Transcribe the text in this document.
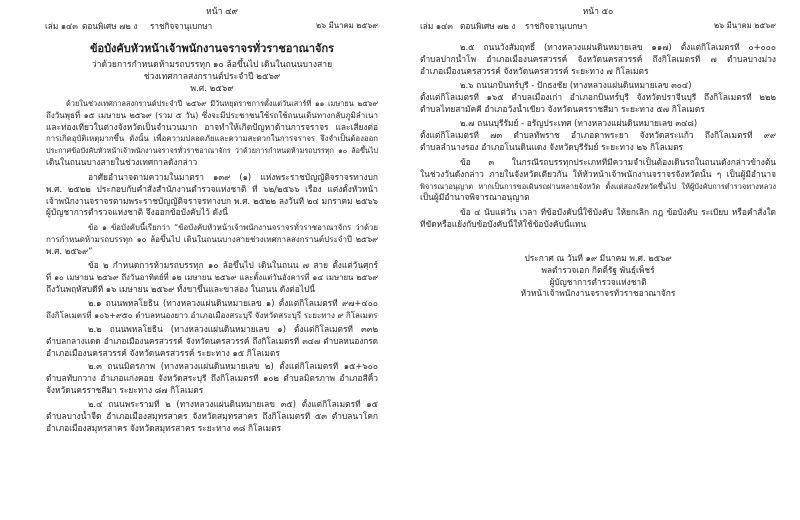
หน้า ๔๙
เล่ม ๑๔๓ ตอนพิเศษ ๗๒ ง ราชกิจจานุเบกษา	๒๖ มีนาคม ๒๕๖๙
ข้อบังคับหัวหน้าเจ้าพนักงานจราจรทั่วราชอาณาจักร
ว่าด้วยการกำหนดห้ามรถบรรทุก ๑๐ ล้อขึ้นไป เดินในถนนบางสาย
ช่วงเทศกาลสงกรานต์ประจำปี ๒๕๖๙
พ.ศ. ๒๕๖๙
ด้วยในช่วงเทศกาลสงกรานต์ประจำปี ๒๕๖๙ มีวันหยุดราชการตั้งแต่วันเสาร์ที่ ๑๑ เมษายน ๒๕๖๙
ถึงวันพุธที่ ๑๕ เมษายน ๒๕๖๙ (รวม ๕ วัน) ซึ่งจะมีประชาชนใช้รถใช้ถนนเดินทางกลับภูมิลำเนา
และท่องเที่ยวในต่างจังหวัดเป็นจำนวนมาก อาจทำให้เกิดปัญหาด้านการจราจร และเสี่ยงต่อ
การเกิดอุบัติเหตุมากขึ้น ดังนั้น เพื่อความปลอดภัยและความสะดวกในการจราจร จึงจำเป็นต้องออก
ประกาศข้อบังคับหัวหน้าเจ้าพนักงานจราจรทั่วราชอาณาจักร ว่าด้วยการกำหนดห้ามรถบรรทุก ๑๐ ล้อขึ้นไป
เดินในถนนบางสายในช่วงเทศกาลดังกล่าว
อาศัยอำนาจตามความในมาตรา ๑๓๙ (๑) แห่งพระราชบัญญัติจราจรทางบก
พ.ศ. ๒๕๒๒ ประกอบกับคำสั่งสำนักงานตำรวจแห่งชาติ ที่ ๖๒/๒๕๖๖ เรื่อง แต่งตั้งหัวหน้า
เจ้าพนักงานจราจรตามพระราชบัญญัติจราจรทางบก พ.ศ. ๒๕๒๒ ลงวันที่ ๒๔ มกราคม ๒๕๖๖
ผู้บัญชาการตำรวจแห่งชาติ จึงออกข้อบังคับไว้ ดังนี้
ข้อ ๑ ข้อบังคับนี้เรียกว่า “ข้อบังคับหัวหน้าเจ้าพนักงานจราจรทั่วราชอาณาจักร ว่าด้วย
การกำหนดห้ามรถบรรทุก ๑๐ ล้อขึ้นไป เดินในถนนบางสายช่วงเทศกาลสงกรานต์ประจำปี ๒๕๖๙
พ.ศ. ๒๕๖๙”
ข้อ ๒ กำหนดการห้ามรถบรรทุก ๑๐ ล้อขึ้นไป เดินในถนน ๗ สาย ตั้งแต่วันศุกร์
ที่ ๑๐ เมษายน ๒๕๖๙ ถึงวันอาทิตย์ที่ ๑๒ เมษายน ๒๕๖๙ และตั้งแต่วันอังคารที่ ๑๔ เมษายน ๒๕๖๙
ถึงวันพฤหัสบดีที่ ๑๖ เมษายน ๒๕๖๙ ทั้งขาขึ้นและขาล่อง ในถนน ดังต่อไปนี้
๒.๑ ถนนพหลโยธิน (ทางหลวงแผ่นดินหมายเลข ๑) ตั้งแต่กิโลเมตรที่ ๙๗+๔๐๐
ถึงกิโลเมตรที่ ๑๐๖+๙๕๐ ตำบลหนองยาว อำเภอเมืองสระบุรี จังหวัดสระบุรี ระยะทาง ๙ กิโลเมตร
๒.๒ ถนนพหลโยธิน (ทางหลวงแผ่นดินหมายเลข ๑) ตั้งแต่กิโลเมตรที่ ๓๓๒
ตำบลกลางแดด อำเภอเมืองนครสวรรค์ จังหวัดนครสวรรค์ ถึงกิโลเมตรที่ ๓๔๗ ตำบลหนองกรด
อำเภอเมืองนครสวรรค์ จังหวัดนครสวรรค์ ระยะทาง ๑๕ กิโลเมตร
๒.๓ ถนนมิตรภาพ (ทางหลวงแผ่นดินหมายเลข ๒) ตั้งแต่กิโลเมตรที่ ๑๕+๖๐๐
ตำบลทับกวาง อำเภอแก่งคอย จังหวัดสระบุรี ถึงกิโลเมตรที่ ๑๐๒ ตำบลมิตรภาพ อำเภอสีคิ้ว
จังหวัดนครราชสีมา ระยะทาง ๘๗ กิโลเมตร
๒.๔ ถนนพระรามที่ ๒ (ทางหลวงแผ่นดินหมายเลข ๓๕) ตั้งแต่กิโลเมตรที่ ๑๕
ตำบลบางน้ำจืด อำเภอเมืองสมุทรสาคร จังหวัดสมุทรสาคร ถึงกิโลเมตรที่ ๕๓ ตำบลนาโคก
อำเภอเมืองสมุทรสาคร จังหวัดสมุทรสาคร ระยะทาง ๓๘ กิโลเมตร
หน้า ๕๐
เล่ม ๑๔๓ ตอนพิเศษ ๗๒ ง ราชกิจจานุเบกษา	๒๖ มีนาคม ๒๕๖๙
๒.๕ ถนนวังสัมฤทธิ์ (ทางหลวงแผ่นดินหมายเลข ๑๑๗) ตั้งแต่กิโลเมตรที่ ๐+๐๐๐
ตำบลปากน้ำโพ อำเภอเมืองนครสวรรค์ จังหวัดนครสวรรค์ ถึงกิโลเมตรที่ ๗ ตำบลบางม่วง
อำเภอเมืองนครสวรรค์ จังหวัดนครสวรรค์ ระยะทาง ๗ กิโลเมตร
๒.๖ ถนนกบินทร์บุรี - ปักธงชัย (ทางหลวงแผ่นดินหมายเลข ๓๐๔)
ตั้งแต่กิโลเมตรที่ ๑๖๕ ตำบลเมืองเก่า อำเภอกบินทร์บุรี จังหวัดปราจีนบุรี ถึงกิโลเมตรที่ ๒๒๒
ตำบลไทยสามัคคี อำเภอวังน้ำเขียว จังหวัดนครราชสีมา ระยะทาง ๕๗ กิโลเมตร
๒.๗ ถนนบุรีรัมย์ - อรัญประเทศ (ทางหลวงแผ่นดินหมายเลข ๓๔๘)
ตั้งแต่กิโลเมตรที่ ๗๓ ตำบลทัพราช อำเภอตาพระยา จังหวัดสระแก้ว ถึงกิโลเมตรที่ ๙๙
ตำบลลำนางรอง อำเภอโนนดินแดง จังหวัดบุรีรัมย์ ระยะทาง ๒๖ กิโลเมตร
ข้อ ๓ ในกรณีรถบรรทุกประเภทที่มีความจำเป็นต้องเดินรถในถนนดังกล่าวข้างต้น
ในช่วงวันดังกล่าว ภายในจังหวัดเดียวกัน ให้หัวหน้าเจ้าพนักงานจราจรจังหวัดนั้น ๆ เป็นผู้มีอำนาจ
พิจารณาอนุญาต หากเป็นการขอเดินรถผ่านหลายจังหวัด ตั้งแต่สองจังหวัดขึ้นไป ให้ผู้บังคับการตำรวจทางหลวง
เป็นผู้มีอำนาจพิจารณาอนุญาต
ข้อ ๔ นับแต่วัน เวลา ที่ข้อบังคับนี้ใช้บังคับ ให้ยกเลิก กฎ ข้อบังคับ ระเบียบ หรือคำสั่งใด
ที่ขัดหรือแย้งกับข้อบังคับนี้ให้ใช้ข้อบังคับนี้แทน
ประกาศ ณ วันที่ ๑๙ มีนาคม พ.ศ. ๒๕๖๙
พลตำรวจเอก กิตติ์รัฐ พันธุ์เพ็ชร์
ผู้บัญชาการตำรวจแห่งชาติ
หัวหน้าเจ้าพนักงานจราจรทั่วราชอาณาจักร
